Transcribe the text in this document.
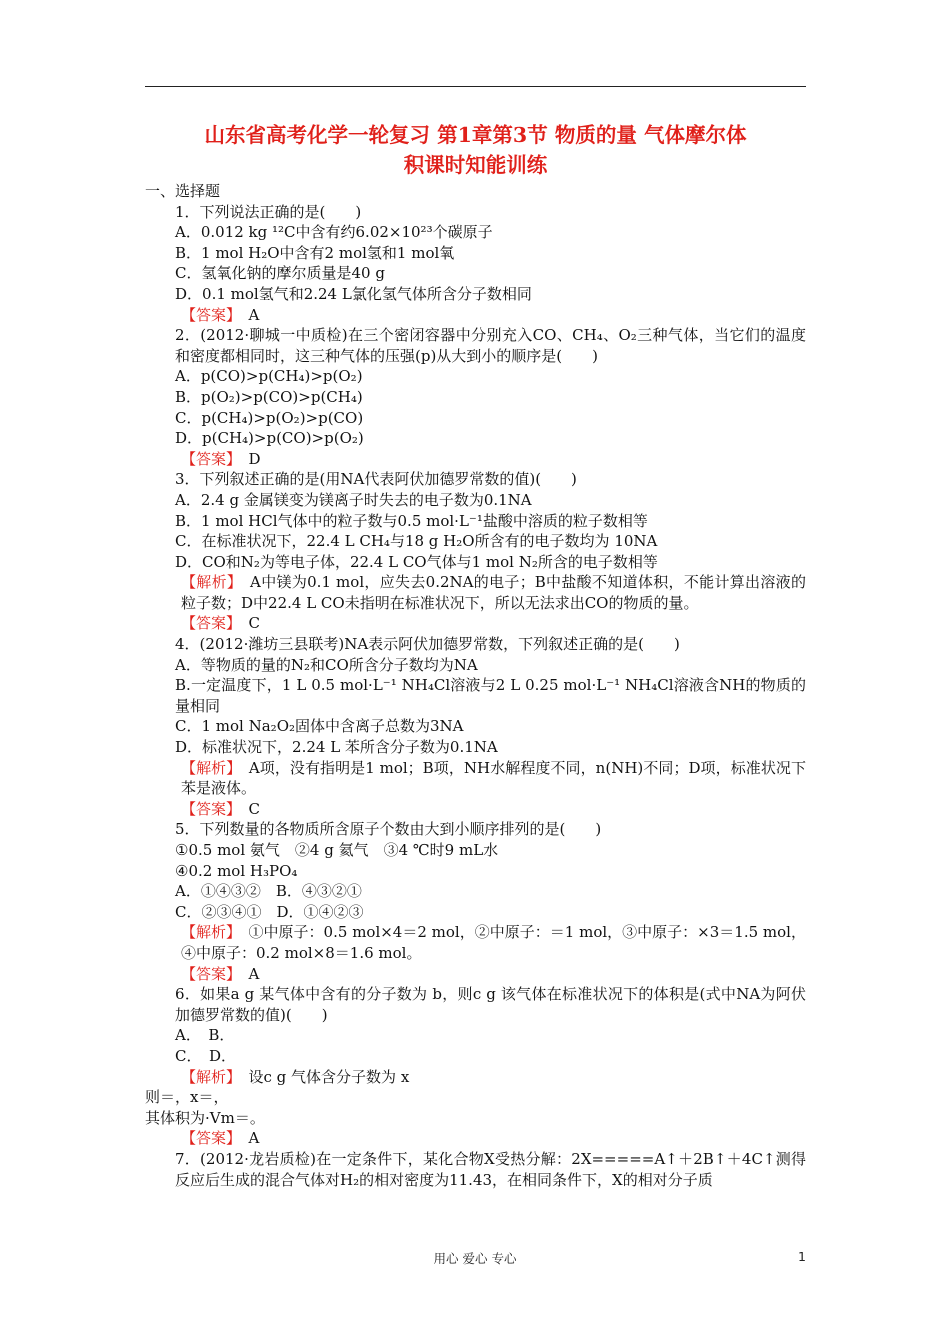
山东省高考化学一轮复习 第1章第3节 物质的量 气体摩尔体
积课时知能训练
一、选择题
1．下列说法正确的是(　　)
A．0.012 kg ¹²C中含有约6.02×10²³个碳原子
B．1 mol H₂O中含有2 mol氢和1 mol氧
C．氢氧化钠的摩尔质量是40 g
D．0.1 mol氢气和2.24 L氯化氢气体所含分子数相同
【答案】　A
2．(2012·聊城一中质检)在三个密闭容器中分别充入CO、CH₄、O₂三种气体，当它们的温度和密度都相同时，这三种气体的压强(p)从大到小的顺序是(　　)
A．p(CO)>p(CH₄)>p(O₂)
B．p(O₂)>p(CO)>p(CH₄)
C．p(CH₄)>p(O₂)>p(CO)
D．p(CH₄)>p(CO)>p(O₂)
【答案】　D
3．下列叙述正确的是(用NA代表阿伏加德罗常数的值)(　　)
A．2.4 g 金属镁变为镁离子时失去的电子数为0.1NA
B．1 mol HCl气体中的粒子数与0.5 mol·L⁻¹盐酸中溶质的粒子数相等
C．在标准状况下，22.4 L CH₄与18 g H₂O所含有的电子数均为 10NA
D．CO和N₂为等电子体，22.4 L CO气体与1 mol N₂所含的电子数相等
【解析】　A中镁为0.1 mol，应失去0.2NA的电子；B中盐酸不知道体积，不能计算出溶液的粒子数；D中22.4 L CO未指明在标准状况下，所以无法求出CO的物质的量。
【答案】　C
4．(2012·潍坊三县联考)NA表示阿伏加德罗常数，下列叙述正确的是(　　)
A．等物质的量的N₂和CO所含分子数均为NA
B.一定温度下，1 L 0.5 mol·L⁻¹ NH₄Cl溶液与2 L 0.25 mol·L⁻¹ NH₄Cl溶液含NH的物质的量相同
C．1 mol Na₂O₂固体中含离子总数为3NA
D．标准状况下，2.24 L 苯所含分子数为0.1NA
【解析】　A项，没有指明是1 mol；B项，NH水解程度不同，n(NH)不同；D项，标准状况下苯是液体。
【答案】　C
5．下列数量的各物质所含原子个数由大到小顺序排列的是(　　)
①0.5 mol 氨气　②4 g 氦气　③4 ℃时9 mL水
④0.2 mol H₃PO₄
A．①④③②　B．④③②①
C．②③④①　D．①④②③
【解析】　①中原子：0.5 mol×4＝2 mol，②中原子：＝1 mol，③中原子：×3＝1.5 mol，④中原子：0.2 mol×8＝1.6 mol。
【答案】　A
6．如果a g 某气体中含有的分子数为 b，则c g 该气体在标准状况下的体积是(式中NA为阿伏加德罗常数的值)(　　)
A．　B．
C．　D．
【解析】　设c g 气体含分子数为 x
则＝，x＝，
其体积为·Vm＝。
【答案】　A
7．(2012·龙岩质检)在一定条件下，某化合物X受热分解：2X=====A↑＋2B↑＋4C↑测得反应后生成的混合气体对H₂的相对密度为11.43，在相同条件下，X的相对分子质
用心 爱心 专心	1
